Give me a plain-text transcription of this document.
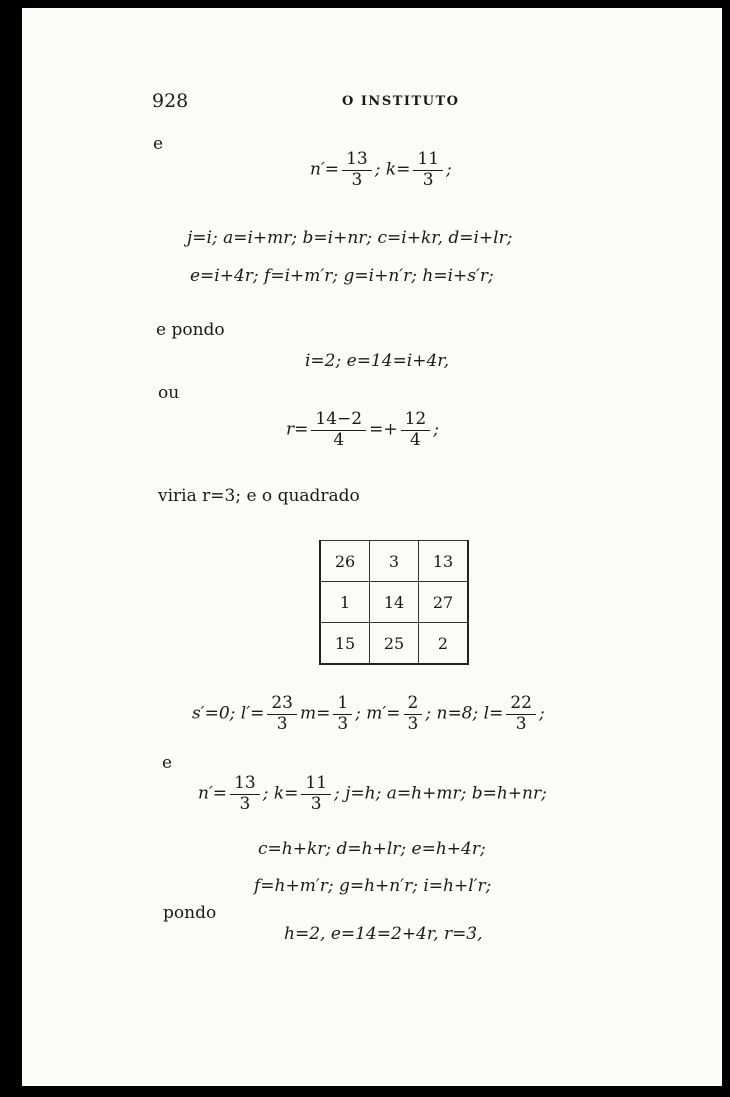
928	O INSTITUTO
e
$n'= \frac{13}{3}$ ; $k= \frac{11}{3}$ ;
j=i; a=i+mr; b=i+nr; c=i+kr, d=i+lr;
e=i+4r; f=i+m′r; g=i+n′r; h=i+s′r;
e pondo
i=2; e=14=i+4r,
ou
$r= \frac{14-2}{4} =+ \frac{12}{4}$ ;
viria r=3; e o quadrado
26	3	13
1	14	27
15	25	2
s′=0; $l'= \frac{23}{3} m= \frac{1}{3}$ ; $m'= \frac{2}{3}$ ; n=8; $l= \frac{22}{3}$ ;
e
$n'= \frac{13}{3}$ ; $k= \frac{11}{3}$ ; j=h; a=h+mr; b=h+nr;
c=h+kr; d=h+lr; e=h+4r;
f=h+m′r; g=h+n′r; i=h+l′r;
pondo
h=2, e=14=2+4r, r=3,
